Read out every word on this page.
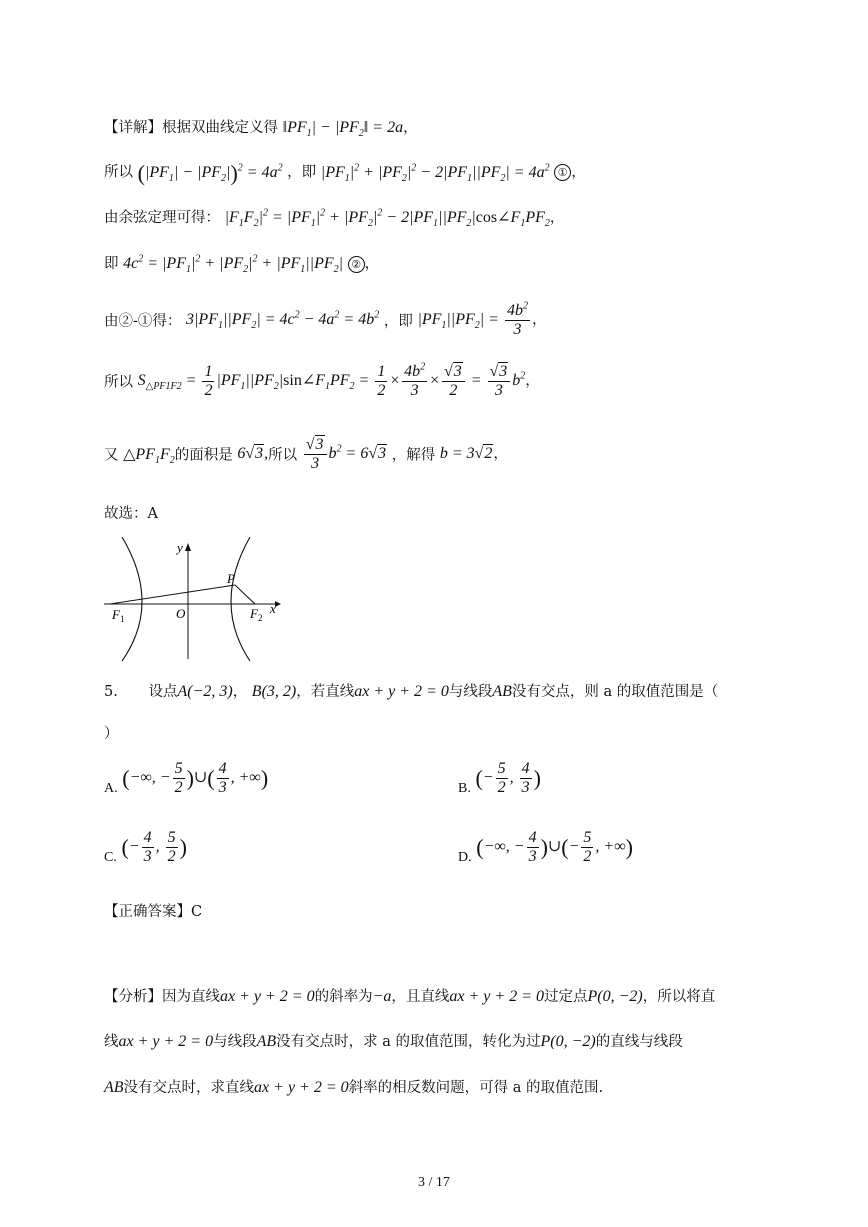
【详解】根据双曲线定义得 $‖PF_1|$ − $|PF_2‖ = 2a$，
所以 $(|PF_1| - |PF_2|)^2 = 4a^2$ ，即 $|PF_1|^2 + |PF_2|^2 - 2|PF_1||PF_2| = 4a^2$ ① ，
由余弦定理可得： $|F_1F_2|^2 = |PF_1|^2 + |PF_2|^2$ − $2|PF_1||PF_2|\cos\angle F_1PF_2$，
即 $4c^2 = |PF_1|^2 + |PF_2|^2 + |PF_1||PF_2|$ ② ，
由②-①得： $3|PF_1||PF_2| = 4c^2 - 4a^2 = 4b^2$ ，即 $|PF_1||PF_2| = \frac{4b^2}{3}$ ，
所以 $S_{\triangle PF1F2} = \frac{1}{2}$ $|PF_1||PF_2|\sin\angle F_1PF_2 = \frac{1}{2} \times \frac{4b^2}{3} \times \frac{√3}{2} = \frac{√3}{3} b^2$，
又 $\triangle PF_1F_2$的面积是 6√3,所以 $\frac{√3}{3} b^2 = 6√3$ ，解得 b = 3√2，
故选：A
y
x
O
P
$F_1$	$F_2$
5. 设点A(−2, 3)， B(3, 2)，若直线ax + y + 2 = 0与线段AB没有交点，则 a 的取值范围是（
）
A. (−∞, − $\frac{5}{2}$ )∪( $\frac{4}{3}$ , +∞)	B. (− $\frac{5}{2}$ , $\frac{4}{3}$ )
C. (− $\frac{4}{3}$ , $\frac{5}{2}$ )	D. (−∞, − $\frac{4}{3}$ )∪(− $\frac{5}{2}$ , +∞)
【正确答案】C
【分析】因为直线ax + y + 2 = 0的斜率为−a，且直线ax + y + 2 = 0过定点P(0, −2)，所以将直
线ax + y + 2 = 0与线段AB没有交点时，求 a 的取值范围，转化为过P(0, −2)的直线与线段
AB没有交点时，求直线ax + y + 2 = 0斜率的相反数问题，可得 a 的取值范围.
3 / 17
